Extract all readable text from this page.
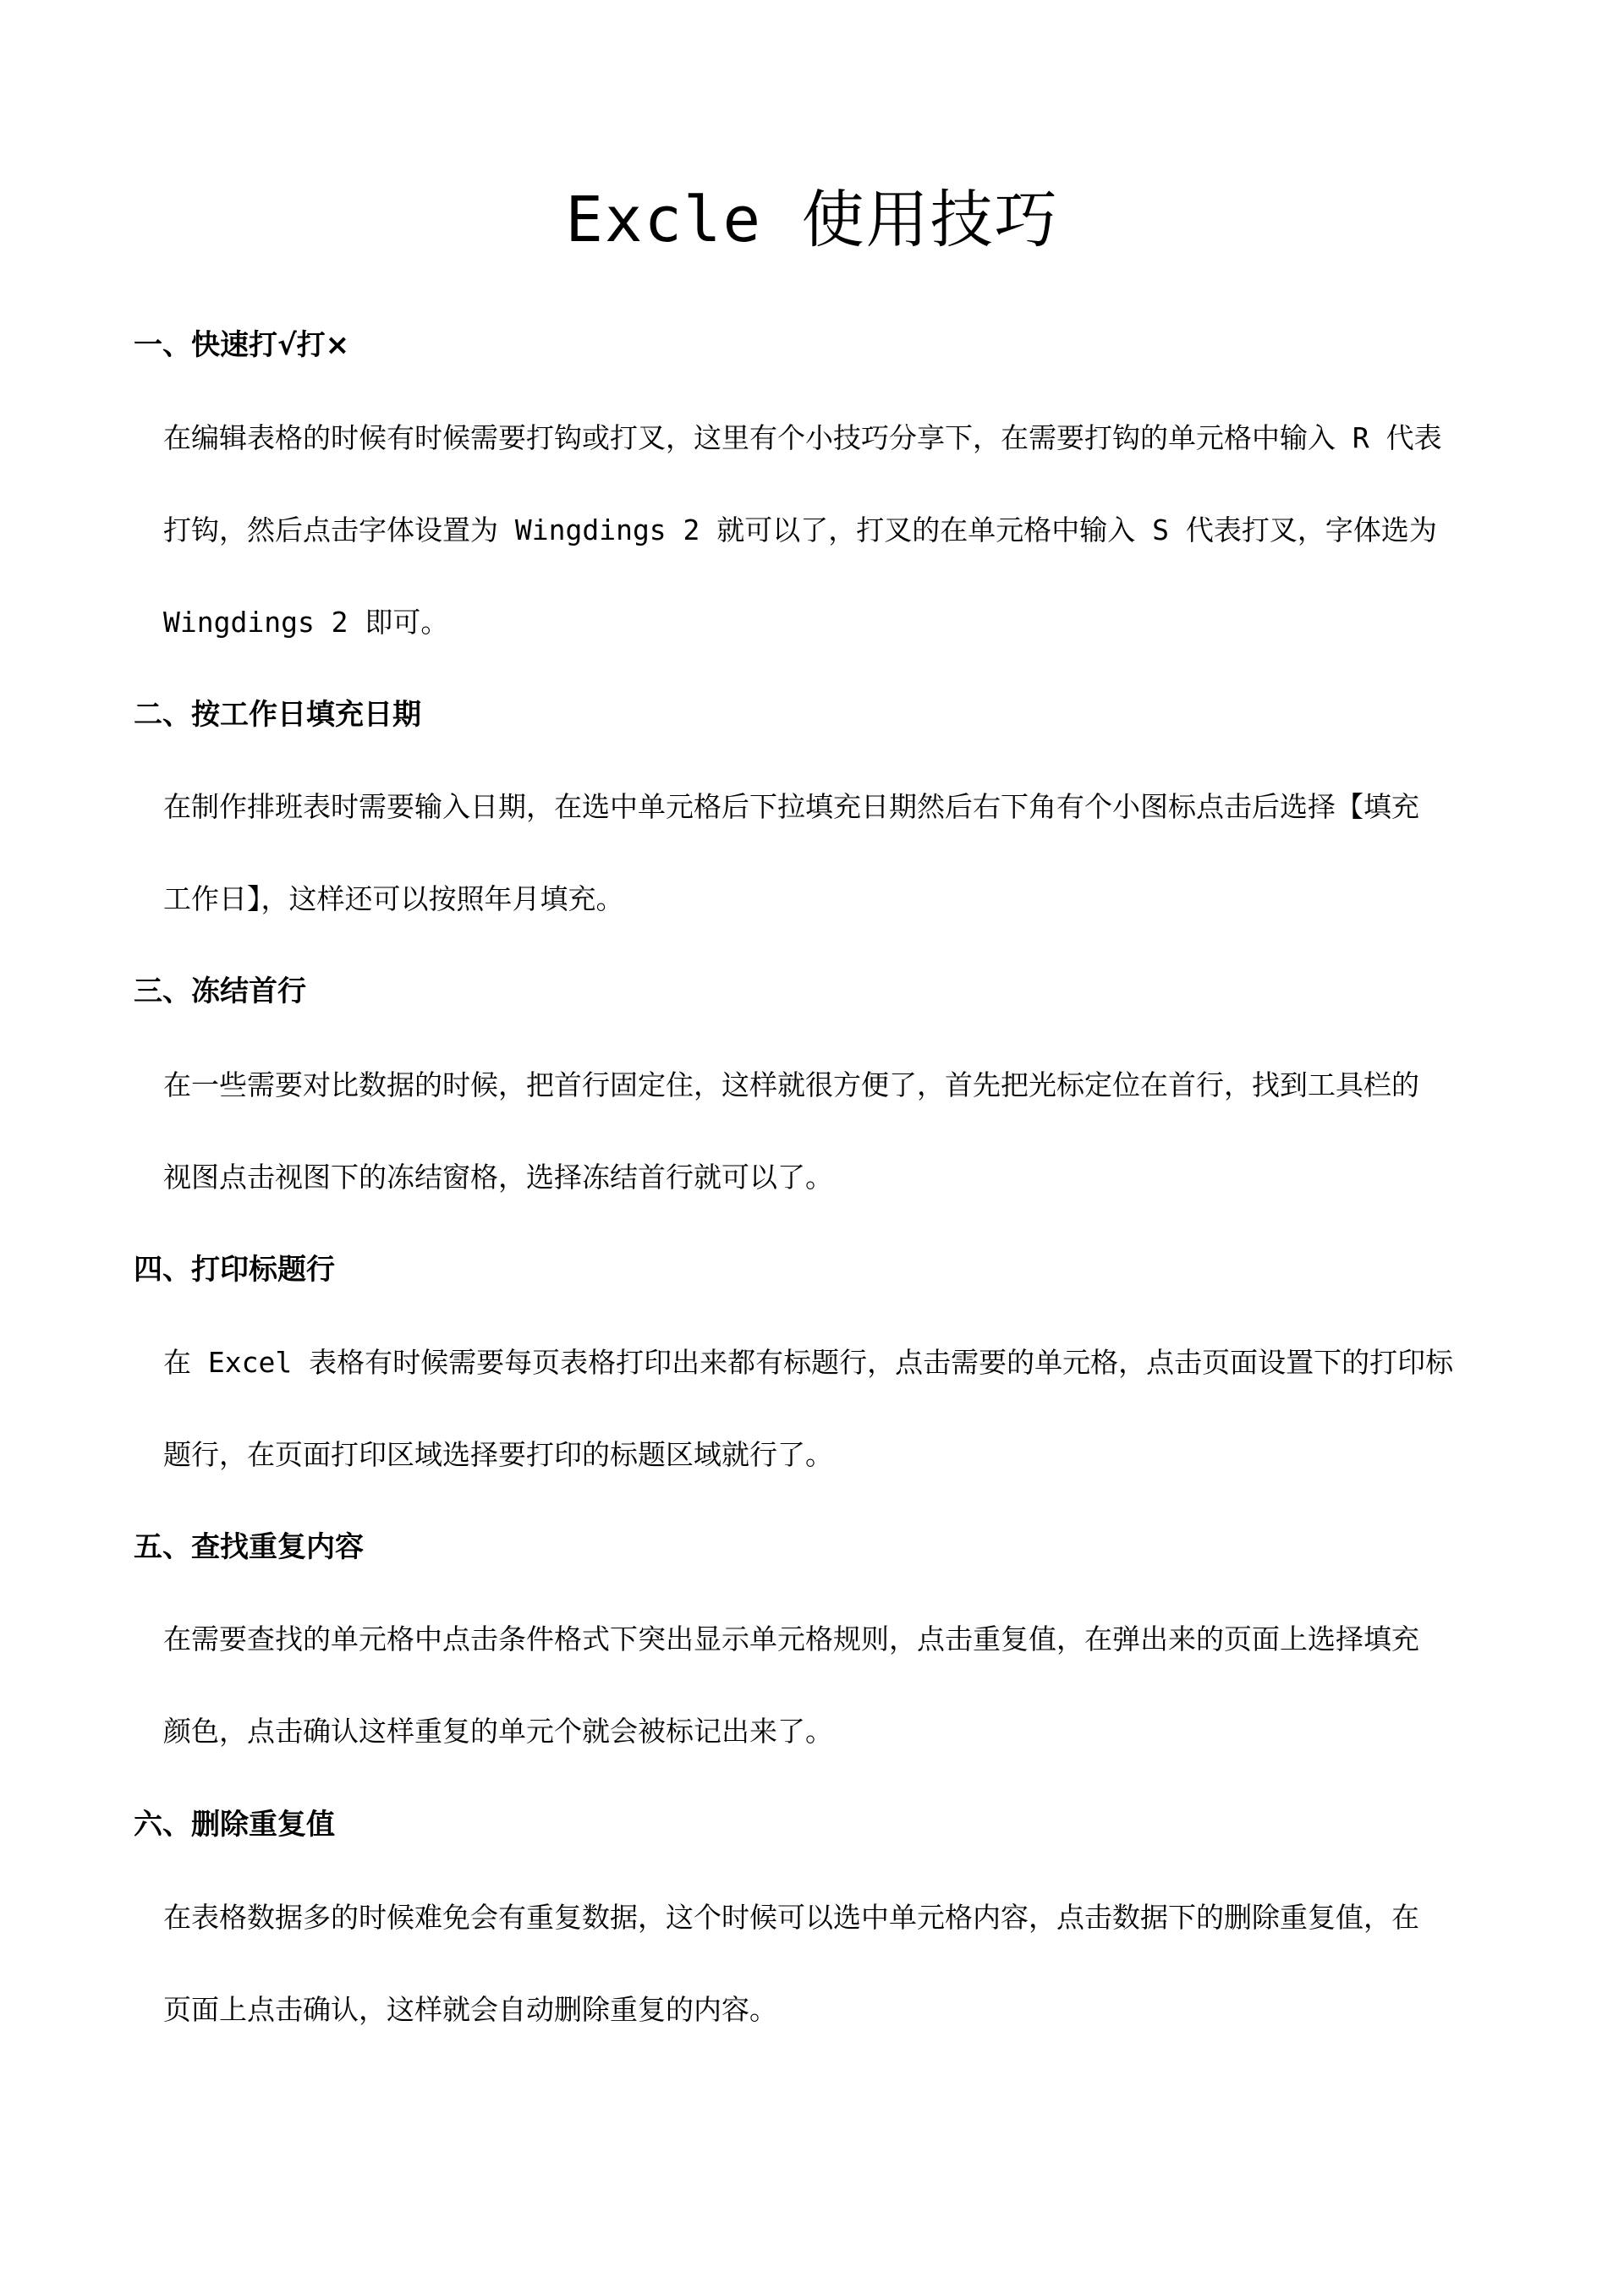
Excle 使用技巧
一、快速打√打×

在编辑表格的时候有时候需要打钩或打叉，这里有个小技巧分享下，在需要打钩的单元格中输入 R 代表

打钩，然后点击字体设置为 Wingdings 2 就可以了，打叉的在单元格中输入 S 代表打叉，字体选为

Wingdings 2 即可。

二、按工作日填充日期

在制作排班表时需要输入日期，在选中单元格后下拉填充日期然后右下角有个小图标点击后选择【填充

工作日】，这样还可以按照年月填充。

三、冻结首行

在一些需要对比数据的时候，把首行固定住，这样就很方便了，首先把光标定位在首行，找到工具栏的

视图点击视图下的冻结窗格，选择冻结首行就可以了。

四、打印标题行

在 Excel 表格有时候需要每页表格打印出来都有标题行，点击需要的单元格，点击页面设置下的打印标

题行，在页面打印区域选择要打印的标题区域就行了。

五、查找重复内容

在需要查找的单元格中点击条件格式下突出显示单元格规则，点击重复值，在弹出来的页面上选择填充

颜色，点击确认这样重复的单元个就会被标记出来了。

六、删除重复值

在表格数据多的时候难免会有重复数据，这个时候可以选中单元格内容，点击数据下的删除重复值，在

页面上点击确认，这样就会自动删除重复的内容。
